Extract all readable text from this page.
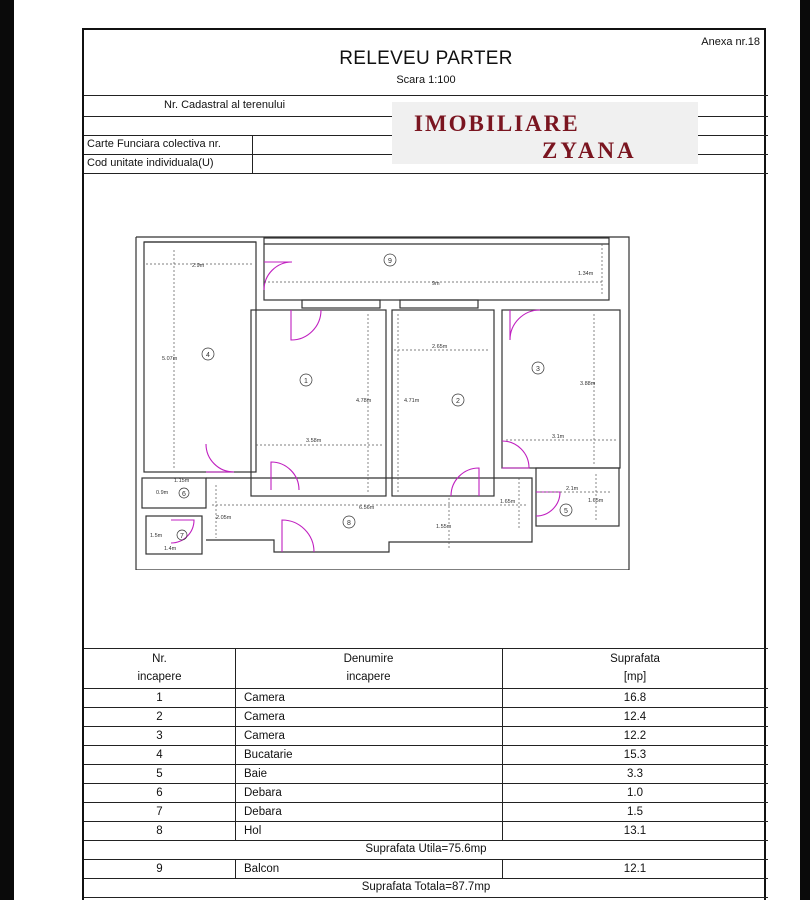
Anexa nr.18
RELEVEU PARTER
Scara 1:100
Nr. Cadastral al terenului
Carte Funciara colectiva nr.
Cod unitate individuala(U)
IMOBILIARE
ZYANA
2.9m
9m
1.34m
5.07m
4.78m
3.58m
4.71m
2.65m
3.88m
3.1m
1.15m
0.9m
1.5m
1.4m
2.05m
6.56m
1.55m
1.65m
2.1m
1.65m
1
2
3
4
5
6
7
8
9
Nr.
incapere
Denumire
incapere
Suprafata
[mp]
1	Camera	16.8
2	Camera	12.4
3	Camera	12.2
4	Bucatarie	15.3
5	Baie	3.3
6	Debara	1.0
7	Debara	1.5
8	Hol	13.1
Suprafata Utila=75.6mp
9	Balcon	12.1
Suprafata Totala=87.7mp
